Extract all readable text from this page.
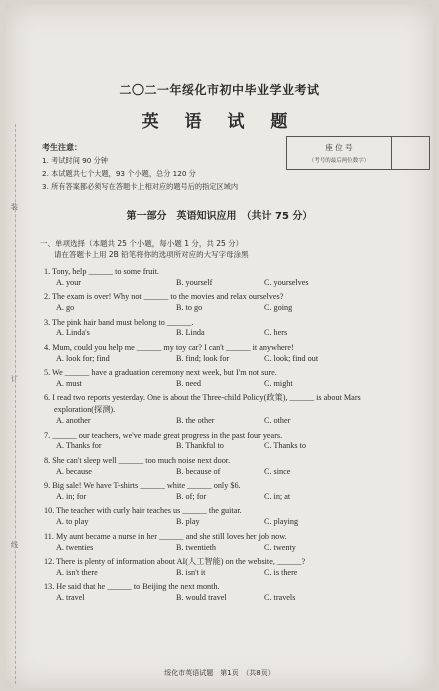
装
订
线
二〇二一年绥化市初中毕业学业考试
英 语 试 题
考生注意：
1. 考试时间 90 分钟
2. 本试题共七个大题，93 个小题，总分 120 分
3. 所有答案都必须写在答题卡上相对应的题号后的指定区域内
座 位 号
（考号的最后两位数字）
第一部分　英语知识应用　（共计 75 分）
一、单项选择（本题共 25 个小题，每小题 1 分，共 25 分）
请在答题卡上用 2B 铅笔将你的选项所对应的大写字母涂黑
1. Tony, help ______ to some fruit.
A. your	B. yourself	C. yourselves
2. The exam is over! Why not ______ to the movies and relax ourselves?
A. go	B. to go	C. going
3. The pink hair band must belong to ______.
A. Linda's	B. Linda	C. hers
4. Mum, could you help me ______ my toy car? I can't ______ it anywhere!
A. look for; find	B. find; look for	C. look; find out
5. We ______ have a graduation ceremony next week, but I'm not sure.
A. must	B. need	C. might
6. I read two reports yesterday. One is about the Three-child Policy(政策), ______ is about Mars
exploration(探测).
A. another	B. the other	C. other
7. ______ our teachers, we've made great progress in the past four years.
A. Thanks for	B. Thankful to	C. Thanks to
8. She can't sleep well ______ too much noise next door.
A. because	B. because of	C. since
9. Big sale! We have T-shirts ______ white ______ only $6.
A. in; for	B. of; for	C. in; at
10. The teacher with curly hair teaches us ______ the guitar.
A. to play	B. play	C. playing
11. My aunt became a nurse in her ______ and she still loves her job now.
A. twenties	B. twentieth	C. twenty
12. There is plenty of information about AI(人工智能) on the website, ______?
A. isn't there	B. isn't it	C. is there
13. He said that he ______ to Beijing the next month.
A. travel	B. would travel	C. travels
绥化市英语试题　第1页　（共8页）
